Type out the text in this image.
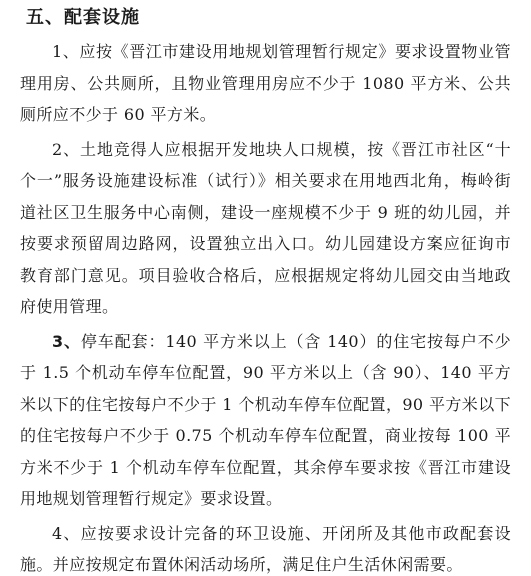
五、配套设施

1、应按《晋江市建设用地规划管理暂行规定》要求设置物业管理用房、公共厕所，且物业管理用房应不少于 1080 平方米、公共厕所应不少于 60 平方米。

2、土地竞得人应根据开发地块人口规模，按《晋江市社区“十个一”服务设施建设标准（试行）》相关要求在用地西北角，梅岭街道社区卫生服务中心南侧，建设一座规模不少于 9 班的幼儿园，并按要求预留周边路网，设置独立出入口。幼儿园建设方案应征询市教育部门意见。项目验收合格后，应根据规定将幼儿园交由当地政府使用管理。

3、停车配套：140 平方米以上（含 140）的住宅按每户不少于 1.5 个机动车停车位配置，90 平方米以上（含 90）、140 平方米以下的住宅按每户不少于 1 个机动车停车位配置，90 平方米以下的住宅按每户不少于 0.75 个机动车停车位配置，商业按每 100 平方米不少于 1 个机动车停车位配置，其余停车要求按《晋江市建设用地规划管理暂行规定》要求设置。

4、应按要求设计完备的环卫设施、开闭所及其他市政配套设施。并应按规定布置休闲活动场所，满足住户生活休闲需要。
